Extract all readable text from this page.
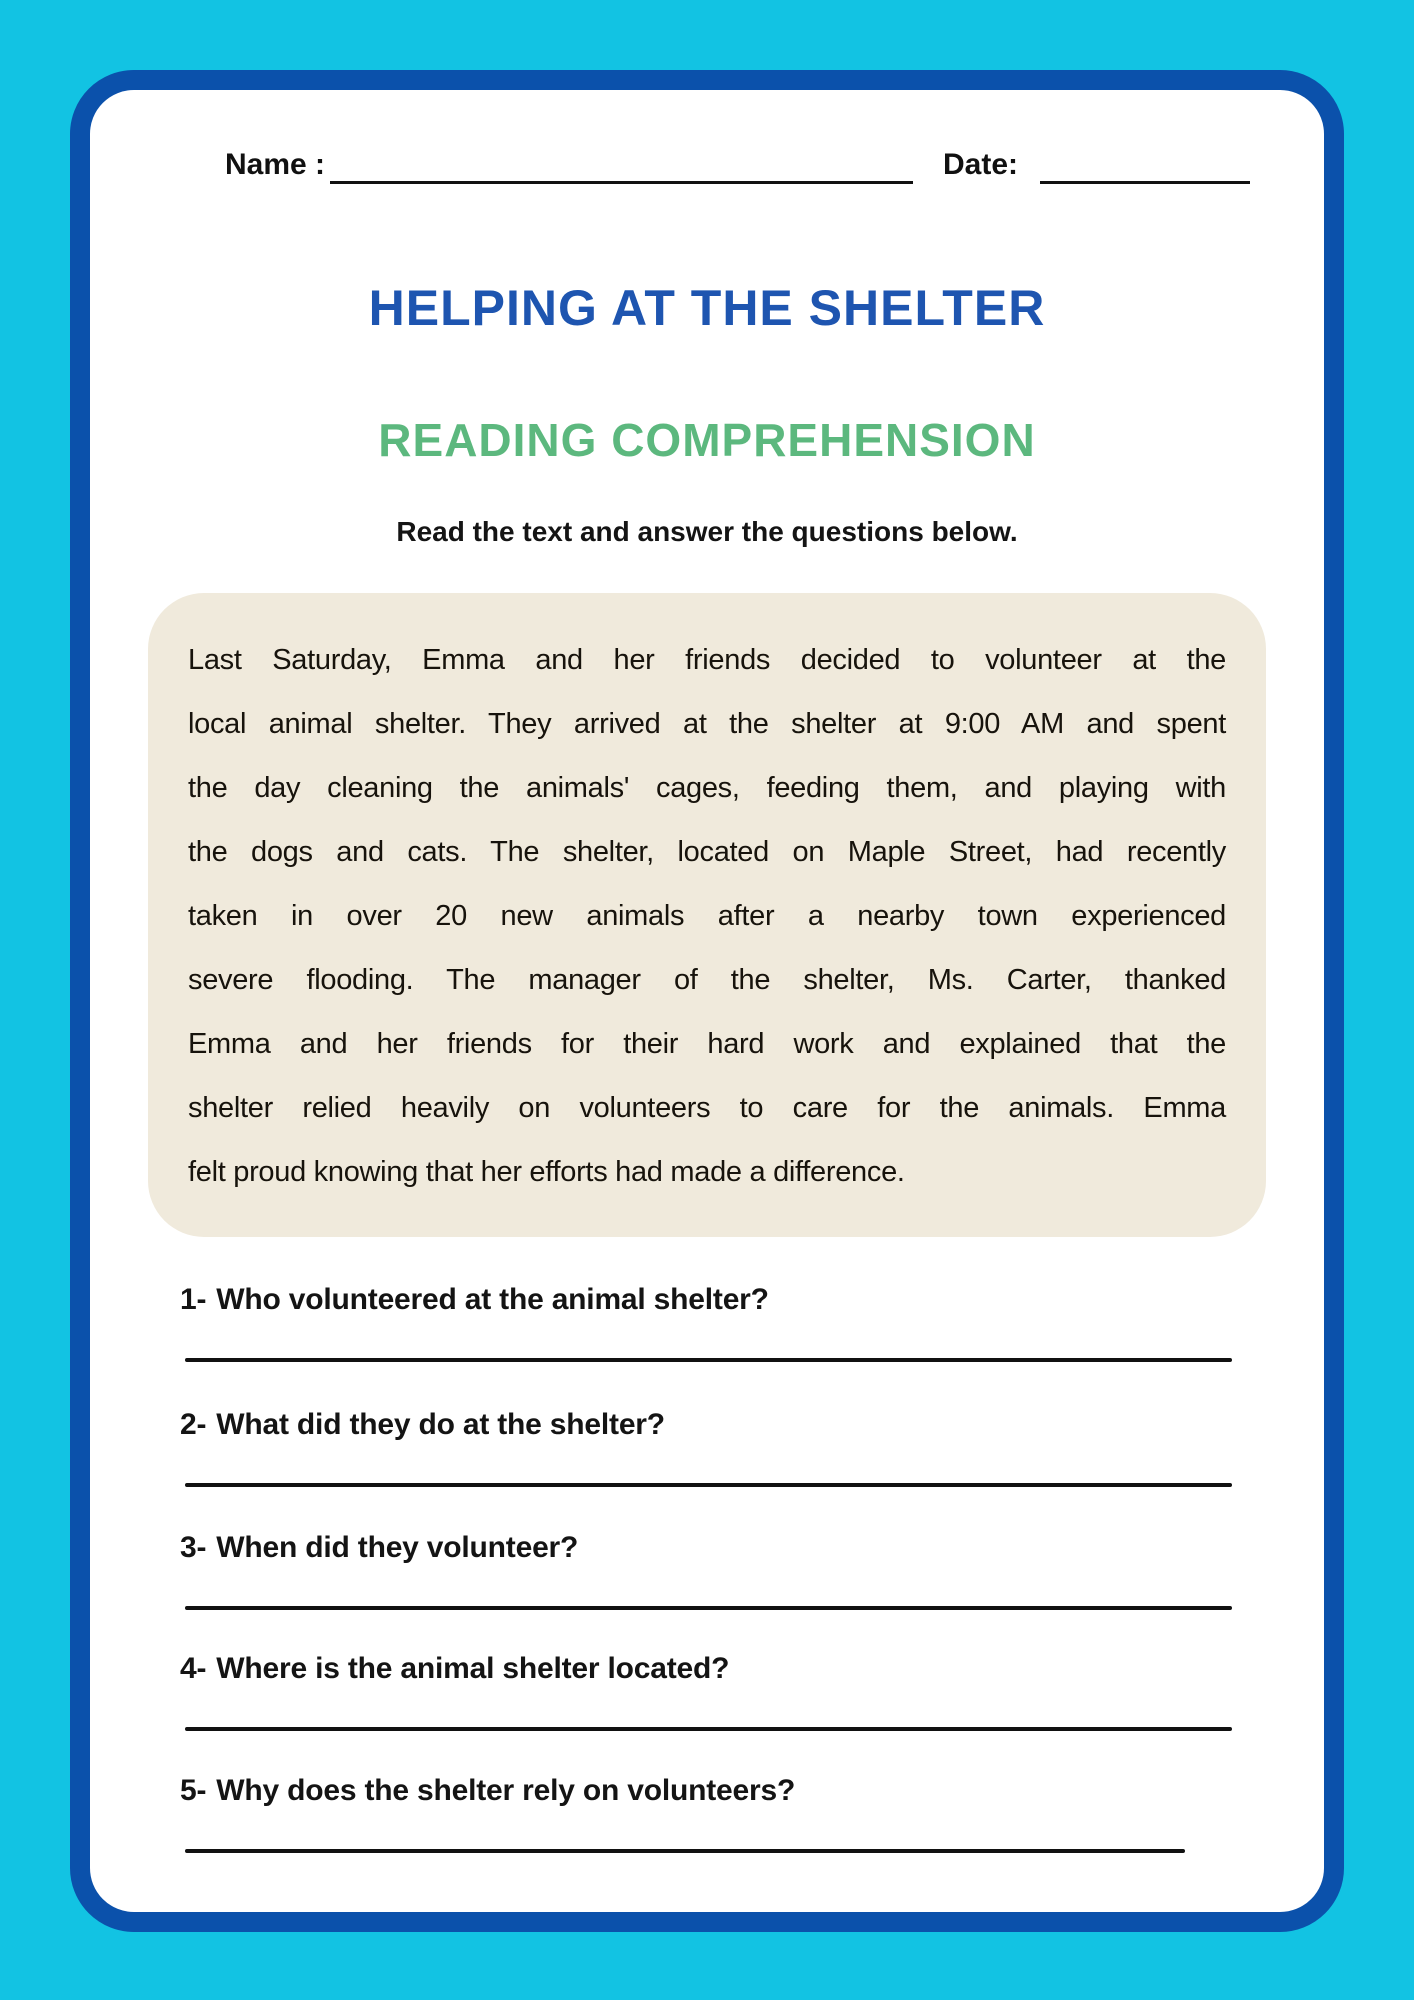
Name :	Date:
HELPING AT THE SHELTER
READING COMPREHENSION
Read the text and answer the questions below.
Last Saturday, Emma and her friends decided to volunteer at the
local animal shelter. They arrived at the shelter at 9:00 AM and spent
the day cleaning the animals' cages, feeding them, and playing with
the dogs and cats. The shelter, located on Maple Street, had recently
taken in over 20 new animals after a nearby town experienced
severe flooding. The manager of the shelter, Ms. Carter, thanked
Emma and her friends for their hard work and explained that the
shelter relied heavily on volunteers to care for the animals. Emma
felt proud knowing that her efforts had made a difference.
1- Who volunteered at the animal shelter?
2- What did they do at the shelter?
3- When did they volunteer?
4- Where is the animal shelter located?
5- Why does the shelter rely on volunteers?
